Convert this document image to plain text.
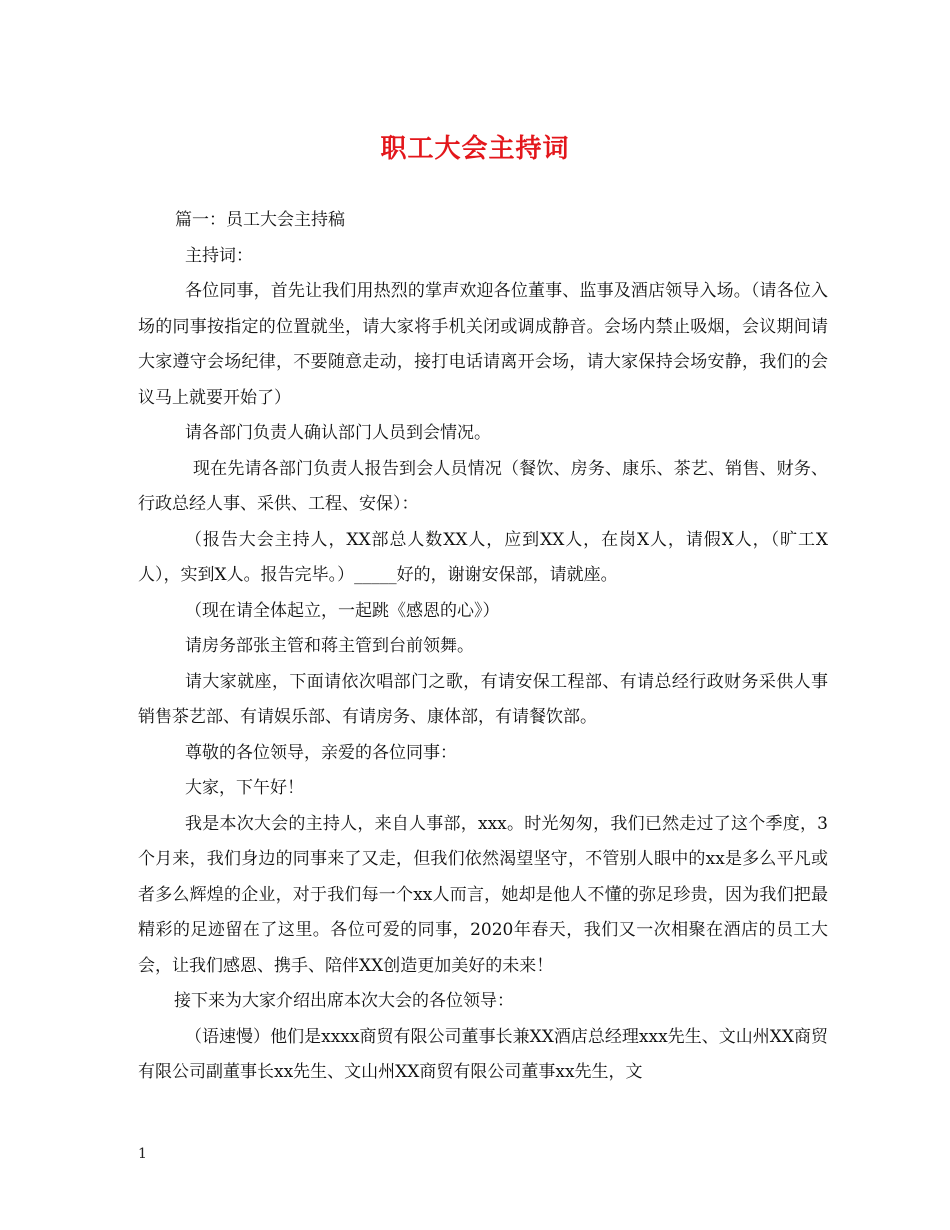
职工大会主持词

篇一：员工大会主持稿

主持词：

各位同事，首先让我们用热烈的掌声欢迎各位董事、监事及酒店领导入场。（请各位入场的同事按指定的位置就坐，请大家将手机关闭或调成静音。会场内禁止吸烟，会议期间请大家遵守会场纪律，不要随意走动，接打电话请离开会场，请大家保持会场安静，我们的会议马上就要开始了）

请各部门负责人确认部门人员到会情况。

现在先请各部门负责人报告到会人员情况（餐饮、房务、康乐、茶艺、销售、财务、行政总经人事、采供、工程、安保）：

（报告大会主持人，XX部总人数XX人，应到XX人，在岗X人，请假X人，（旷工X人），实到X人。报告完毕。）_____好的，谢谢安保部，请就座。

（现在请全体起立，一起跳《感恩的心》）

请房务部张主管和蒋主管到台前领舞。

请大家就座，下面请依次唱部门之歌，有请安保工程部、有请总经行政财务采供人事销售茶艺部、有请娱乐部、有请房务、康体部，有请餐饮部。

尊敬的各位领导，亲爱的各位同事：

大家，下午好！

我是本次大会的主持人，来自人事部，xxx。时光匆匆，我们已然走过了这个季度，3个月来，我们身边的同事来了又走，但我们依然渴望坚守，不管别人眼中的xx是多么平凡或者多么辉煌的企业，对于我们每一个xx人而言，她却是他人不懂的弥足珍贵，因为我们把最精彩的足迹留在了这里。各位可爱的同事，2020年春天，我们又一次相聚在酒店的员工大会，让我们感恩、携手、陪伴XX创造更加美好的未来！

接下来为大家介绍出席本次大会的各位领导：

（语速慢）他们是xxxx商贸有限公司董事长兼XX酒店总经理xxx先生、文山州XX商贸有限公司副董事长xx先生、文山州XX商贸有限公司董事xx先生，文

1
